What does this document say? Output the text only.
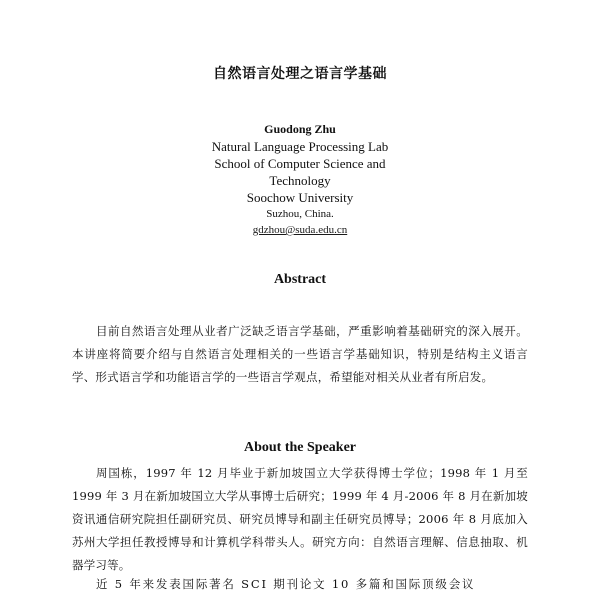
自然语言处理之语言学基础
Guodong Zhu
Natural Language Processing Lab
School of Computer Science and
Technology
Soochow University
Suzhou, China.
gdzhou@suda.edu.cn
Abstract
目前自然语言处理从业者广泛缺乏语言学基础，严重影响着基础研究的深入展开。本讲座将简要介绍与自然语言处理相关的一些语言学基础知识，特别是结构主义语言学、形式语言学和功能语言学的一些语言学观点，希望能对相关从业者有所启发。
About the Speaker
周国栋，1997 年 12 月毕业于新加坡国立大学获得博士学位；1998 年 1 月至 1999 年 3 月在新加坡国立大学从事博士后研究；1999 年 4 月-2006 年 8 月在新加坡资讯通信研究院担任副研究员、研究员博导和副主任研究员博导；2006 年 8 月底加入苏州大学担任教授博导和计算机学科带头人。研究方向：自然语言理解、信息抽取、机器学习等。
近 5 年来发表国际著名 SCI 期刊论文 10 多篇和国际顶级会议
